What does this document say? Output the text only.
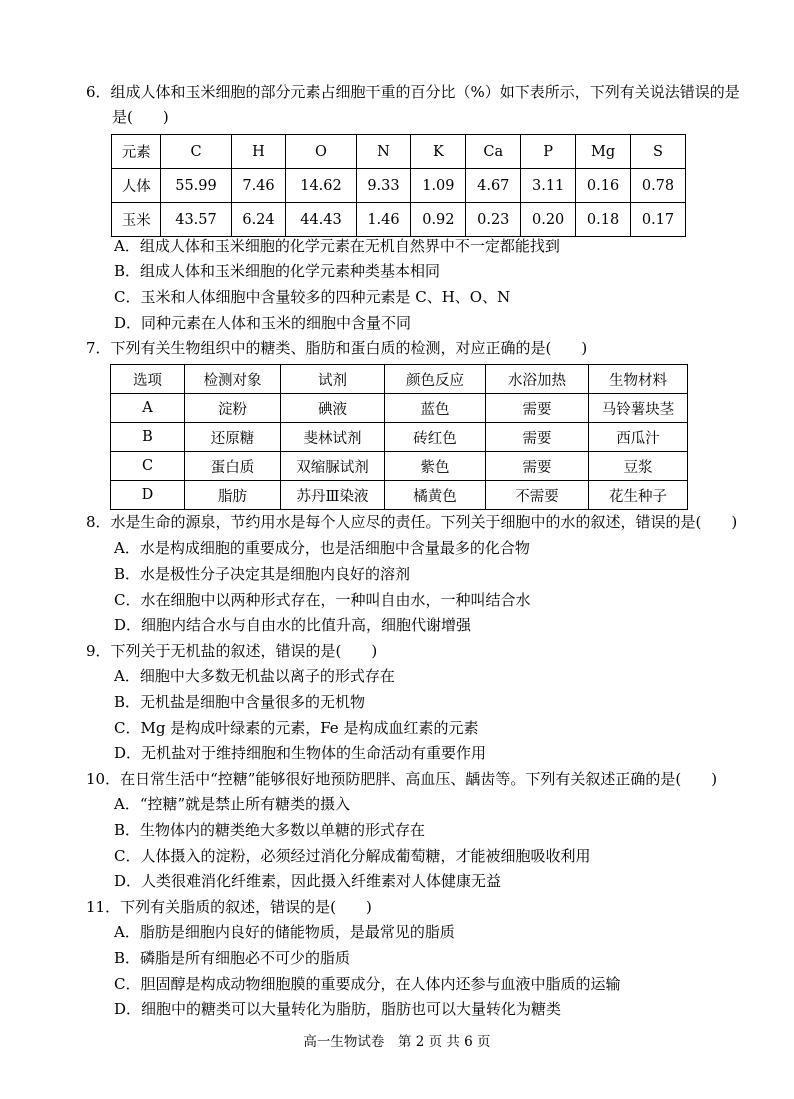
6．组成人体和玉米细胞的部分元素占细胞干重的百分比（%）如下表所示，下列有关说法错误的是
是(　　)
元素	C	H	O	N	K	Ca	P	Mg	S
人体	55.99	7.46	14.62	9.33	1.09	4.67	3.11	0.16	0.78
玉米	43.57	6.24	44.43	1.46	0.92	0.23	0.20	0.18	0.17
A．组成人体和玉米细胞的化学元素在无机自然界中不一定都能找到
B．组成人体和玉米细胞的化学元素种类基本相同
C．玉米和人体细胞中含量较多的四种元素是 C、H、O、N
D．同种元素在人体和玉米的细胞中含量不同
7．下列有关生物组织中的糖类、脂肪和蛋白质的检测，对应正确的是(　　)
选项	检测对象	试剂	颜色反应	水浴加热	生物材料
A	淀粉	碘液	蓝色	需要	马铃薯块茎
B	还原糖	斐林试剂	砖红色	需要	西瓜汁
C	蛋白质	双缩脲试剂	紫色	需要	豆浆
D	脂肪	苏丹Ⅲ染液	橘黄色	不需要	花生种子
8．水是生命的源泉，节约用水是每个人应尽的责任。下列关于细胞中的水的叙述，错误的是(　　)
A．水是构成细胞的重要成分，也是活细胞中含量最多的化合物
B．水是极性分子决定其是细胞内良好的溶剂
C．水在细胞中以两种形式存在，一种叫自由水，一种叫结合水
D．细胞内结合水与自由水的比值升高，细胞代谢增强
9．下列关于无机盐的叙述，错误的是(　　)
A．细胞中大多数无机盐以离子的形式存在
B．无机盐是细胞中含量很多的无机物
C．Mg 是构成叶绿素的元素，Fe 是构成血红素的元素
D．无机盐对于维持细胞和生物体的生命活动有重要作用
10．在日常生活中“控糖”能够很好地预防肥胖、高血压、龋齿等。下列有关叙述正确的是(　　)
A．“控糖”就是禁止所有糖类的摄入
B．生物体内的糖类绝大多数以单糖的形式存在
C．人体摄入的淀粉，必须经过消化分解成葡萄糖，才能被细胞吸收利用
D．人类很难消化纤维素，因此摄入纤维素对人体健康无益
11．下列有关脂质的叙述，错误的是(　　)
A．脂肪是细胞内良好的储能物质，是最常见的脂质
B．磷脂是所有细胞必不可少的脂质
C．胆固醇是构成动物细胞膜的重要成分，在人体内还参与血液中脂质的运输
D．细胞中的糖类可以大量转化为脂肪，脂肪也可以大量转化为糖类
高一生物试卷　第 2 页 共 6 页
